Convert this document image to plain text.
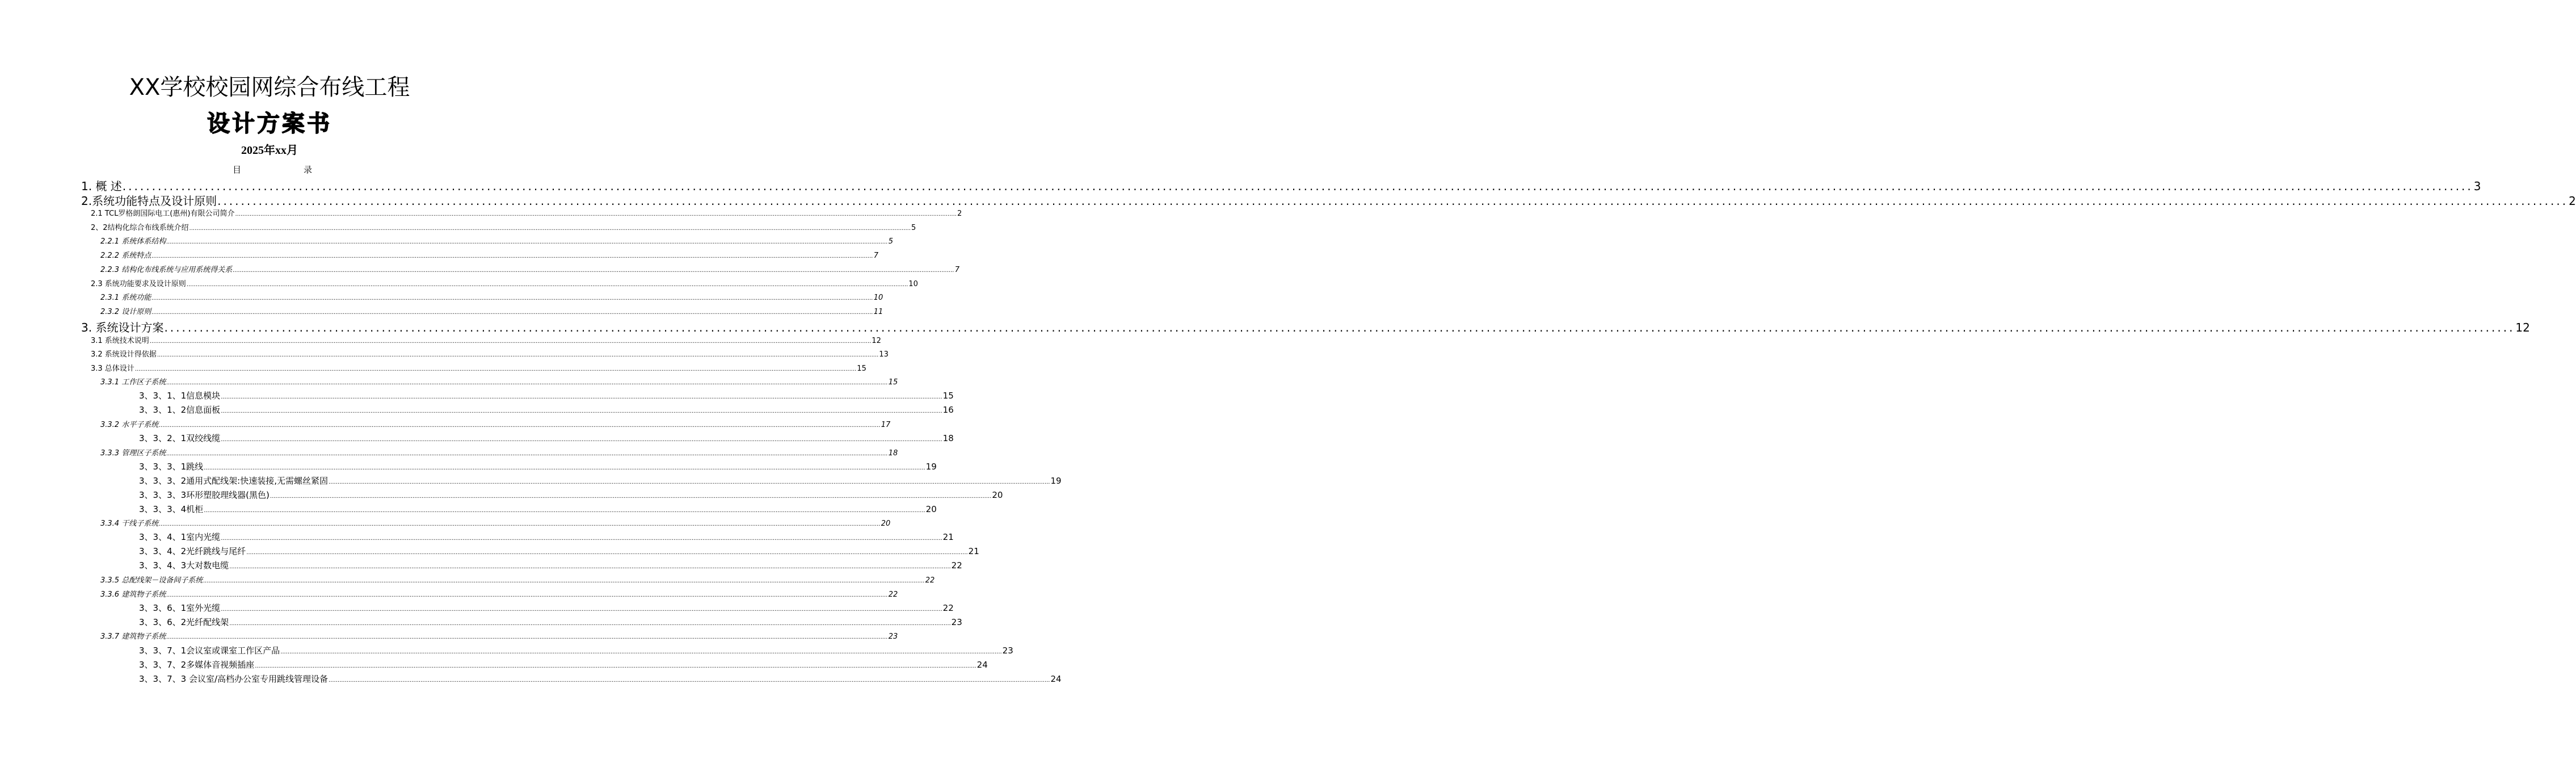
XX学校校园网综合布线工程
设计方案书
2025年xx月
目	录
1. 概 述 ................................................................................................................................................................................................................................................................................................................................................................................................................ 3
2.系统功能特点及设计原则 ................................................................................................................................................................................................................................................................................................................................................................................................................ 2
2.1 TCL罗格朗国际电工(惠州)有限公司简介 ................................................................................................................................................................................................................................................................................................................................................................................................................ 2
2、2结构化综合布线系统介绍 ................................................................................................................................................................................................................................................................................................................................................................................................................ 5
2.2.1 系统体系结构 ................................................................................................................................................................................................................................................................................................................................................................................................................ 5
2.2.2 系统特点 ................................................................................................................................................................................................................................................................................................................................................................................................................ 7
2.2.3 结构化布线系统与应用系统得关系 ................................................................................................................................................................................................................................................................................................................................................................................................................ 7
2.3 系统功能要求及设计原则 ................................................................................................................................................................................................................................................................................................................................................................................................................ 10
2.3.1 系统功能 ................................................................................................................................................................................................................................................................................................................................................................................................................ 10
2.3.2 设计原则 ................................................................................................................................................................................................................................................................................................................................................................................................................ 11
3. 系统设计方案 ................................................................................................................................................................................................................................................................................................................................................................................................................ 12
3.1 系统技术说明 ................................................................................................................................................................................................................................................................................................................................................................................................................ 12
3.2 系统设计得依据 ................................................................................................................................................................................................................................................................................................................................................................................................................ 13
3.3 总体设计 ................................................................................................................................................................................................................................................................................................................................................................................................................ 15
3.3.1 工作区子系统 ................................................................................................................................................................................................................................................................................................................................................................................................................ 15
3、3、1、1信息模块 ................................................................................................................................................................................................................................................................................................................................................................................................................ 15
3、3、1、2信息面板 ................................................................................................................................................................................................................................................................................................................................................................................................................ 16
3.3.2 水平子系统 ................................................................................................................................................................................................................................................................................................................................................................................................................ 17
3、3、2、1双绞线缆 ................................................................................................................................................................................................................................................................................................................................................................................................................ 18
3.3.3 管理区子系统 ................................................................................................................................................................................................................................................................................................................................................................................................................ 18
3、3、3、1跳线 ................................................................................................................................................................................................................................................................................................................................................................................................................ 19
3、3、3、2通用式配线架:快速装接,无需螺丝紧固 ................................................................................................................................................................................................................................................................................................................................................................................................................ 19
3、3、3、3环形塑胶理线器(黑色) ................................................................................................................................................................................................................................................................................................................................................................................................................ 20
3、3、3、4机柜 ................................................................................................................................................................................................................................................................................................................................................................................................................ 20
3.3.4 干线子系统 ................................................................................................................................................................................................................................................................................................................................................................................................................ 20
3、3、4、1室内光缆 ................................................................................................................................................................................................................................................................................................................................................................................................................ 21
3、3、4、2光纤跳线与尾纤 ................................................................................................................................................................................................................................................................................................................................................................................................................ 21
3、3、4、3大对数电缆 ................................................................................................................................................................................................................................................................................................................................................................................................................ 22
3.3.5 总配线架－设备间子系统 ................................................................................................................................................................................................................................................................................................................................................................................................................ 22
3.3.6 建筑物子系统 ................................................................................................................................................................................................................................................................................................................................................................................................................ 22
3、3、6、1室外光缆 ................................................................................................................................................................................................................................................................................................................................................................................................................ 22
3、3、6、2光纤配线架 ................................................................................................................................................................................................................................................................................................................................................................................................................ 23
3.3.7 建筑物子系统 ................................................................................................................................................................................................................................................................................................................................................................................................................ 23
3、3、7、1会议室或课室工作区产品 ................................................................................................................................................................................................................................................................................................................................................................................................................ 23
3、3、7、2多媒体音视频插座 ................................................................................................................................................................................................................................................................................................................................................................................................................ 24
3、3、7、3 会议室/高档办公室专用跳线管理设备 ................................................................................................................................................................................................................................................................................................................................................................................................................ 24
